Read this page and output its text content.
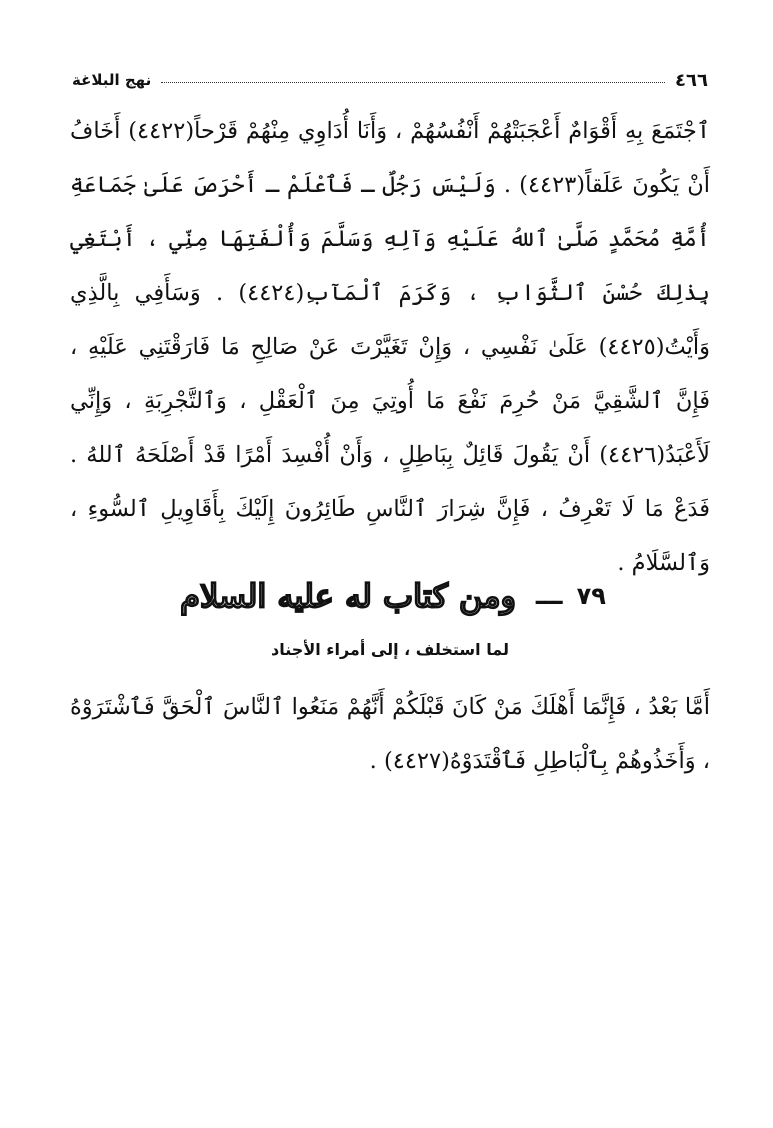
٤٦٦
نهج البلاغة

ٱجْتَمَعَ بِهِ أَقْوَامٌ أَعْجَبَتْهُمْ أَنْفُسُهُمْ ، وَأَنَا أُدَاوِي مِنْهُمْ قَرْحاً(٤٤٢٢) أَخَافُ أَنْ يَكُونَ عَلَقاً(٤٤٢٣) . وَلَيْسَ رَجُلٌ ـ فَٱعْلَمْ ـ أَحْرَصَ عَلَىٰ جَمَاعَةِ أُمَّةِ مُحَمَّدٍ صَلَّىٰ ٱللهُ عَلَيْهِ وَآلِهِ وَسَلَّمَ وَأُلْفَتِهَا مِنِّي ، أَبْتَغِي بِذٰلِكَ حُسْنَ ٱلثَّوَابِ ، وَكَرَمَ ٱلْمَآبِ(٤٤٢٤) . وَسَأَفِي بِالَّذِي وَأَيْتُ(٤٤٢٥) عَلَىٰ نَفْسِي ، وَإِنْ تَغَيَّرْتَ عَنْ صَالِحِ مَا فَارَقْتَنِي عَلَيْهِ ، فَإِنَّ ٱلشَّقِيَّ مَنْ حُرِمَ نَفْعَ مَا أُوتِيَ مِنَ ٱلْعَقْلِ ، وَٱلتَّجْرِبَةِ ، وَإِنِّي لَأَعْبَدُ(٤٤٢٦) أَنْ يَقُولَ قَائِلٌ بِبَاطِلٍ ، وَأَنْ أُفْسِدَ أَمْرًا قَدْ أَصْلَحَهُ ٱللهُ . فَدَعْ مَا لَا تَعْرِفُ ، فَإِنَّ شِرَارَ ٱلنَّاسِ طَائِرُونَ إِلَيْكَ بِأَقَاوِيلِ ٱلسُّوءِ ، وَٱلسَّلَامُ .

٧٩
ـــ
ومن كتاب له عليه السلام
لما استخلف ، إلى أمراء الأجناد

أَمَّا بَعْدُ ، فَإِنَّمَا أَهْلَكَ مَنْ كَانَ قَبْلَكُمْ أَنَّهُمْ مَنَعُوا ٱلنَّاسَ ٱلْحَقَّ فَٱشْتَرَوْهُ ، وَأَخَذُوهُمْ بِٱلْبَاطِلِ فَٱقْتَدَوْهُ(٤٤٢٧) .
